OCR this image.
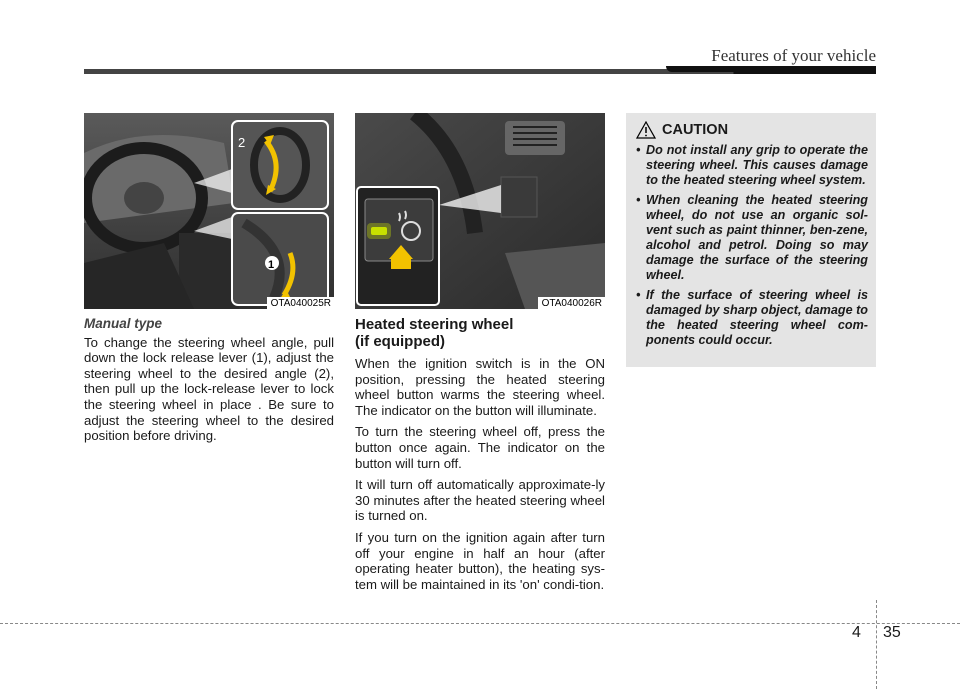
Features of your vehicle
2
1
OTA040025R	OTA040026R
Manual type

To change the steering wheel angle, pull down the lock release lever (1), adjust the steering wheel to the desired angle (2), then pull up the lock-release lever to lock the steering wheel in place . Be sure to adjust the steering wheel to the desired position before driving.

Heated steering wheel
(if equipped)

When the ignition switch is in the ON position, pressing the heated steering wheel button warms the steering wheel. The indicator on the button will illuminate.

To turn the steering wheel off, press the button once again. The indicator on the button will turn off.

It will turn off automatically approximate-ly 30 minutes after the heated steering wheel is turned on.

If you turn on the ignition again after turn off your engine in half an hour (after operating heater button), the heating sys-tem will be maintained in its 'on' condi-tion.

CAUTION
• Do not install any grip to operate the steering wheel. This causes damage to the heated steering wheel system.
• When cleaning the heated steering wheel, do not use an organic sol-vent such as paint thinner, ben-zene, alcohol and petrol. Doing so may damage the surface of the steering wheel.
• If the surface of steering wheel is damaged by sharp object, damage to the heated steering wheel com-ponents could occur.
4 35
